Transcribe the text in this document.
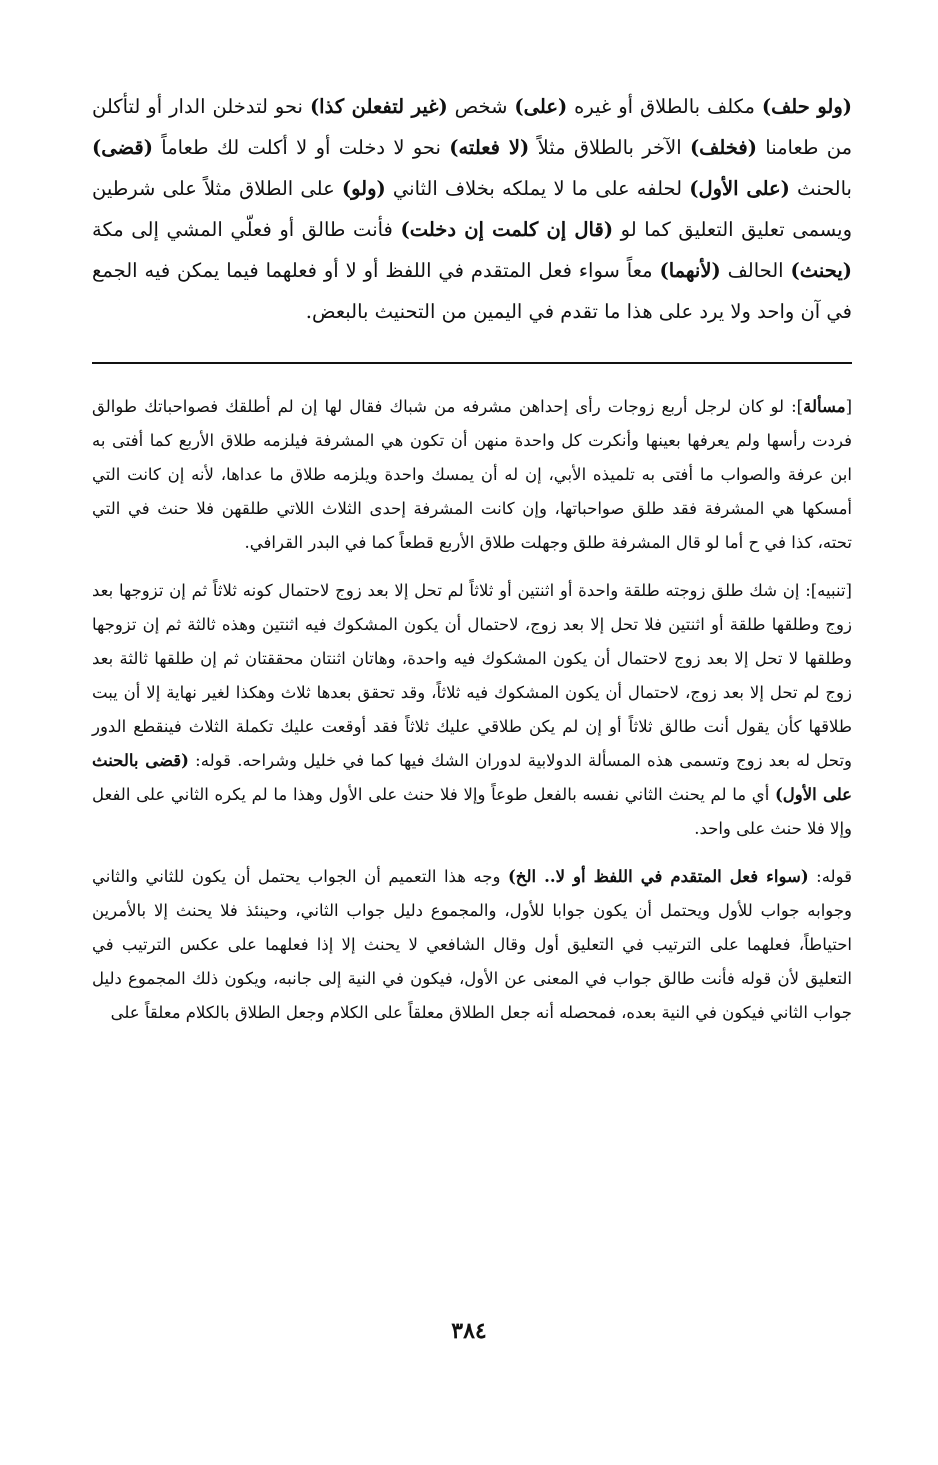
(ولو حلف) مكلف بالطلاق أو غيره (على) شخص (غير لتفعلن كذا) نحو لتدخلن الدار أو لتأكلن من طعامنا (فخلف) الآخر بالطلاق مثلاً (لا فعلته) نحو لا دخلت أو لا أكلت لك طعاماً (قضى) بالحنث (على الأول) لحلفه على ما لا يملكه بخلاف الثاني (ولو) على الطلاق مثلاً على شرطين ويسمى تعليق التعليق كما لو (قال إن كلمت إن دخلت) فأنت طالق أو فعلّي المشي إلى مكة (يحنث) الحالف (لأنهما) معاً سواء فعل المتقدم في اللفظ أو لا أو فعلهما فيما يمكن فيه الجمع في آن واحد ولا يرد على هذا ما تقدم في اليمين من التحنيث بالبعض.

[مسألة]: لو كان لرجل أربع زوجات رأى إحداهن مشرفه من شباك فقال لها إن لم أطلقك فصواحباتك طوالق فردت رأسها ولم يعرفها بعينها وأنكرت كل واحدة منهن أن تكون هي المشرفة فيلزمه طلاق الأربع كما أفتى به ابن عرفة والصواب ما أفتى به تلميذه الأبي، إن له أن يمسك واحدة ويلزمه طلاق ما عداها، لأنه إن كانت التي أمسكها هي المشرفة فقد طلق صواحباتها، وإن كانت المشرفة إحدى الثلاث اللاتي طلقهن فلا حنث في التي تحته، كذا في ح أما لو قال المشرفة طلق وجهلت طلاق الأربع قطعاً كما في البدر القرافي.

[تنبيه]: إن شك طلق زوجته طلقة واحدة أو اثنتين أو ثلاثاً لم تحل إلا بعد زوج لاحتمال كونه ثلاثاً ثم إن تزوجها بعد زوج وطلقها طلقة أو اثنتين فلا تحل إلا بعد زوج، لاحتمال أن يكون المشكوك فيه اثنتين وهذه ثالثة ثم إن تزوجها وطلقها لا تحل إلا بعد زوج لاحتمال أن يكون المشكوك فيه واحدة، وهاتان اثنتان محققتان ثم إن طلقها ثالثة بعد زوج لم تحل إلا بعد زوج، لاحتمال أن يكون المشكوك فيه ثلاثاً، وقد تحقق بعدها ثلاث وهكذا لغير نهاية إلا أن يبت طلاقها كأن يقول أنت طالق ثلاثاً أو إن لم يكن طلاقي عليك ثلاثاً فقد أوقعت عليك تكملة الثلاث فينقطع الدور وتحل له بعد زوج وتسمى هذه المسألة الدولابية لدوران الشك فيها كما في خليل وشراحه. قوله: (قضى بالحنث على الأول) أي ما لم يحنث الثاني نفسه بالفعل طوعاً وإلا فلا حنث على الأول وهذا ما لم يكره الثاني على الفعل وإلا فلا حنث على واحد.

قوله: (سواء فعل المتقدم في اللفظ أو لا.. الخ) وجه هذا التعميم أن الجواب يحتمل أن يكون للثاني والثاني وجوابه جواب للأول ويحتمل أن يكون جوابا للأول، والمجموع دليل جواب الثاني، وحينئذ فلا يحنث إلا بالأمرين احتياطاً، فعلهما على الترتيب في التعليق أول وقال الشافعي لا يحنث إلا إذا فعلهما على عكس الترتيب في التعليق لأن قوله فأنت طالق جواب في المعنى عن الأول، فيكون في النية إلى جانبه، ويكون ذلك المجموع دليل جواب الثاني فيكون في النية بعده، فمحصله أنه جعل الطلاق معلقاً على الكلام وجعل الطلاق بالكلام معلقاً على

٣٨٤
